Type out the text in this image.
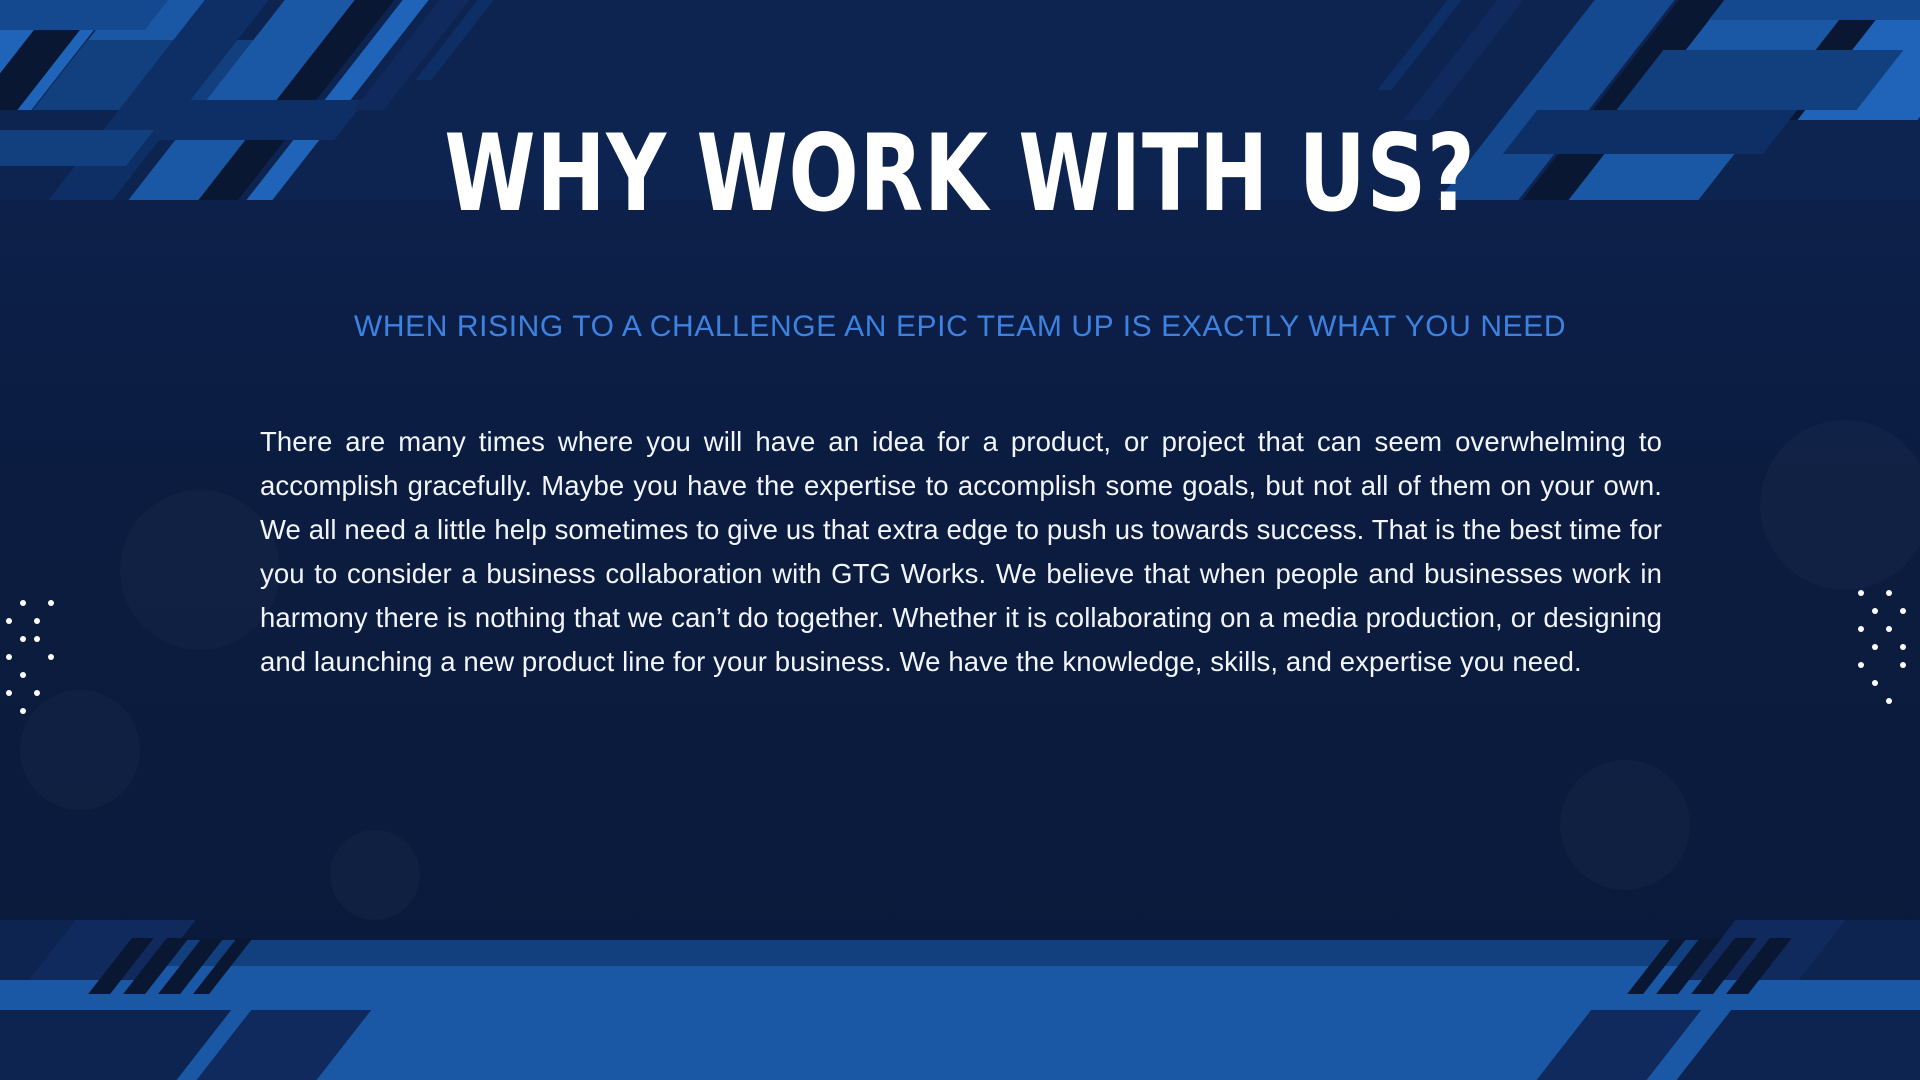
WHY WORK WITH US?
WHEN RISING TO A CHALLENGE AN EPIC TEAM UP IS EXACTLY WHAT YOU NEED
There are many times where you will have an idea for a product, or project that can seem overwhelming to accomplish gracefully. Maybe you have the expertise to accomplish some goals, but not all of them on your own. We all need a little help sometimes to give us that extra edge to push us towards success. That is the best time for you to consider a business collaboration with GTG Works. We believe that when people and businesses work in harmony there is nothing that we can’t do together. Whether it is collaborating on a media production, or designing and launching a new product line for your business. We have the knowledge, skills, and expertise you need.
